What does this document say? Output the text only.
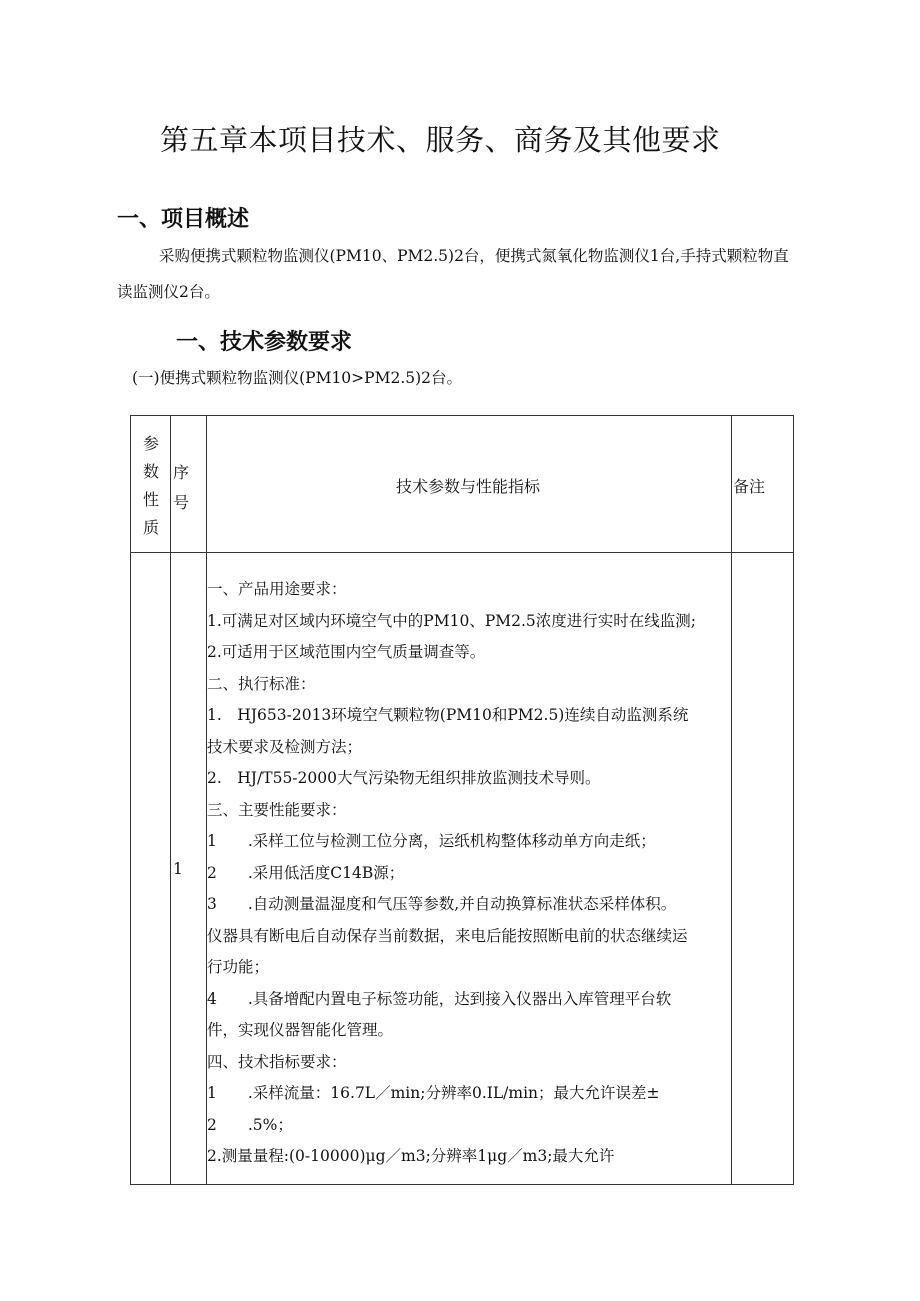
第五章本项目技术、服务、商务及其他要求
一、项目概述
采购便携式颗粒物监测仪(PM10、PM2.5)2台，便携式氮氧化物监测仪1台,手持式颗粒物直读监测仪2台。
一、技术参数要求
(一)便携式颗粒物监测仪(PM10>PM2.5)2台。
参
数
性
质
序
号
技术参数与性能指标	备注
1
一、产品用途要求：
1.可满足对区域内环境空气中的PM10、PM2.5浓度进行实时在线监测;
2.可适用于区域范围内空气质量调查等。
二、执行标准：
1.　HJ653-2013环境空气颗粒物(PM10和PM2.5)连续自动监测系统
技术要求及检测方法；
2.　HJ/T55-2000大气污染物无组织排放监测技术导则。
三、主要性能要求：
1　　.采样工位与检测工位分离，运纸机构整体移动单方向走纸；
2　　.采用低活度C14B源；
3　　.自动测量温湿度和气压等参数,并自动换算标准状态采样体积。
仪器具有断电后自动保存当前数据，来电后能按照断电前的状态继续运
行功能；
4　　.具备增配内置电子标签功能，达到接入仪器出入库管理平台软
件，实现仪器智能化管理。
四、技术指标要求：
1　　.采样流量：16.7L／min;分辨率0.IL/min；最大允许误差±
2　　.5%；
2.测量量程:(0-10000)μg／m3;分辨率1μg／m3;最大允许
